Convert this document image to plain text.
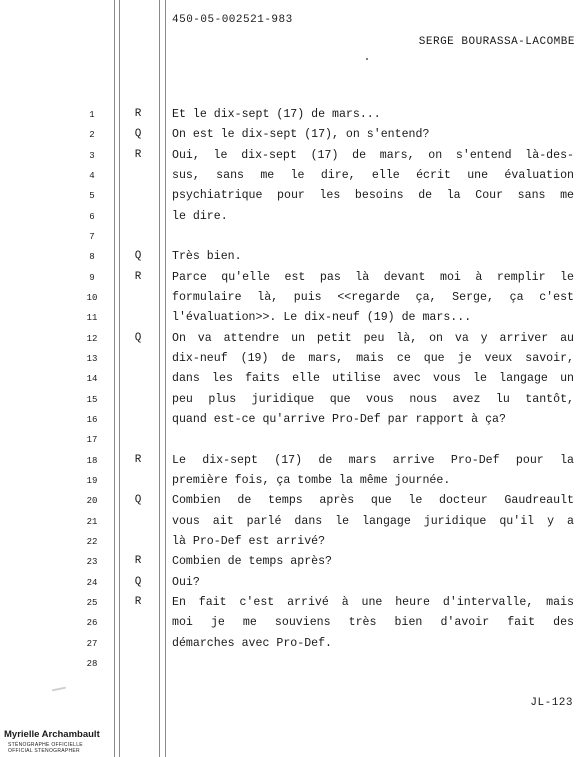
450-05-002521-983
SERGE BOURASSA-LACOMBE
1	R	Et le dix-sept (17) de mars...
2	Q	On est le dix-sept (17), on s'entend?
3	R	Oui, le dix-sept (17) de mars, on s'entend là-des-
4	sus, sans me le dire, elle écrit une évaluation
5	psychiatrique pour les besoins de la Cour sans me
6	le dire.
7
8	Q	Très bien.
9	R	Parce qu'elle est pas là devant moi à remplir le
10	formulaire là, puis <<regarde ça, Serge, ça c'est
11	l'évaluation>>. Le dix-neuf (19) de mars...
12	Q	On va attendre un petit peu là, on va y arriver au
13	dix-neuf (19) de mars, mais ce que je veux savoir,
14	dans les faits elle utilise avec vous le langage un
15	peu plus juridique que vous nous avez lu tantôt,
16	quand est-ce qu'arrive Pro-Def par rapport à ça?
17
18	R	Le dix-sept (17) de mars arrive Pro-Def pour la
19	première fois, ça tombe la même journée.
20	Q	Combien de temps après que le docteur Gaudreault
21	vous ait parlé dans le langage juridique qu'il y a
22	là Pro-Def est arrivé?
23	R	Combien de temps après?
24	Q	Oui?
25	R	En fait c'est arrivé à une heure d'intervalle, mais
26	moi je me souviens très bien d'avoir fait des
27	démarches avec Pro-Def.
28
JL-123
Myrielle Archambault
STÉNOGRAPHE OFFICIELLE
OFFICIAL STENOGRAPHER
